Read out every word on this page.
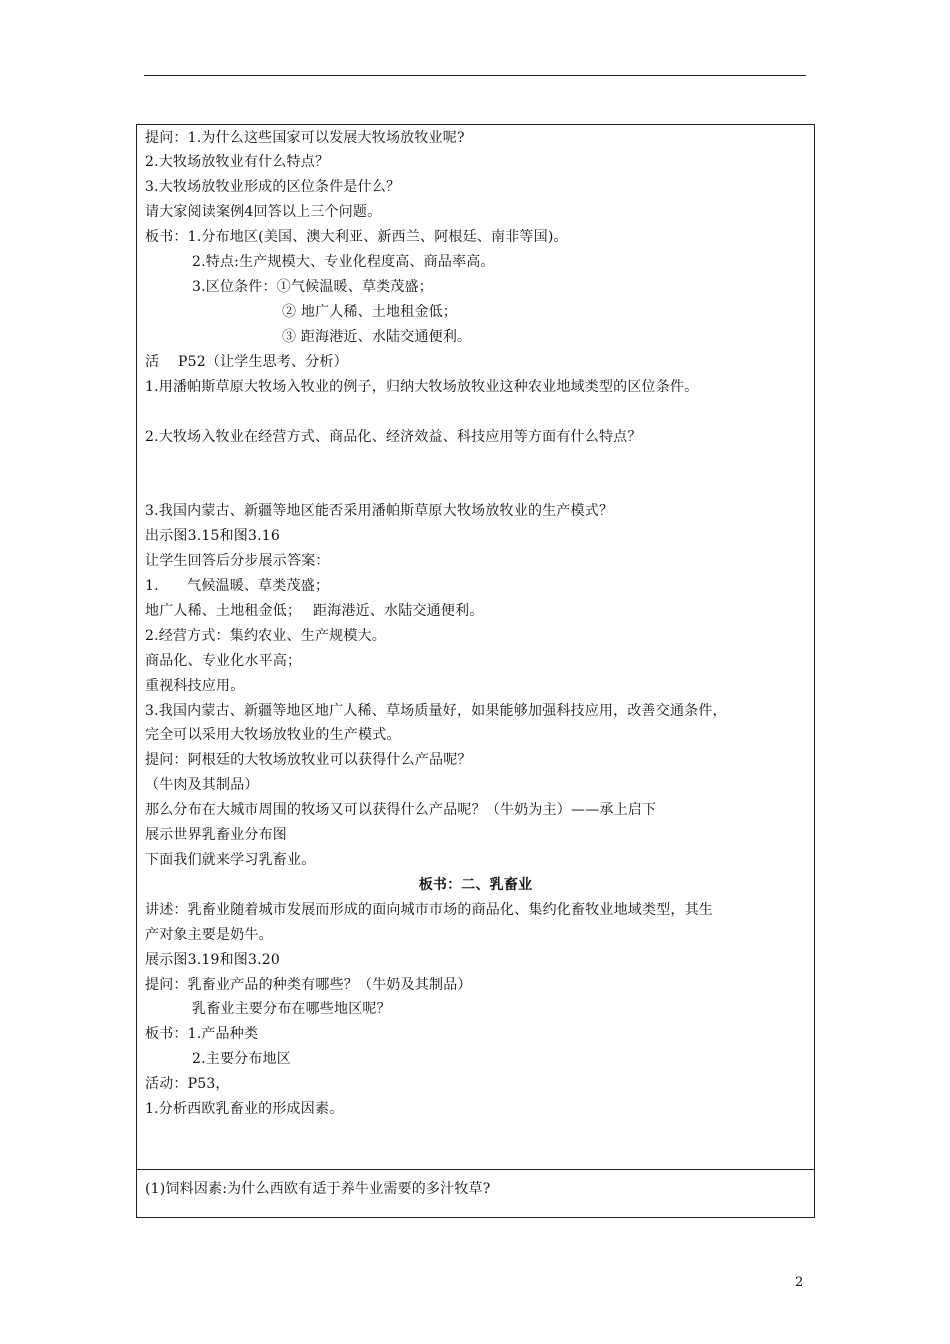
提问：1.为什么这些国家可以发展大牧场放牧业呢?
2.大牧场放牧业有什么特点？
3.大牧场放牧业形成的区位条件是什么？
请大家阅读案例4回答以上三个问题。
板书：1.分布地区(美国、澳大利亚、新西兰、阿根廷、南非等国)。
2.特点:生产规模大、专业化程度高、商品率高。
3.区位条件：①气候温暖、草类茂盛；
② 地广人稀、土地租金低；
③ 距海港近、水陆交通便利。
活　 P52（让学生思考、分析）
1.用潘帕斯草原大牧场入牧业的例子，归纳大牧场放牧业这种农业地域类型的区位条件。
2.大牧场入牧业在经营方式、商品化、经济效益、科技应用等方面有什么特点？
3.我国内蒙古、新疆等地区能否采用潘帕斯草原大牧场放牧业的生产模式？
出示图3.15和图3.16
让学生回答后分步展示答案：
1.　　气候温暖、草类茂盛；
地广人稀、土地租金低；　 距海港近、水陆交通便利。
2.经营方式：集约农业、生产规模大。
商品化、专业化水平高；
重视科技应用。
3.我国内蒙古、新疆等地区地广人稀、草场质量好，如果能够加强科技应用，改善交通条件，
完全可以采用大牧场放牧业的生产模式。
提问：阿根廷的大牧场放牧业可以获得什么产品呢？
（牛肉及其制品）
那么分布在大城市周围的牧场又可以获得什么产品呢？（牛奶为主）——承上启下
展示世界乳畜业分布图
下面我们就来学习乳畜业。
板书：二、乳畜业
讲述：乳畜业随着城市发展而形成的面向城市市场的商品化、集约化畜牧业地域类型，其生
产对象主要是奶牛。
展示图3.19和图3.20
提问：乳畜业产品的种类有哪些？（牛奶及其制品）
乳畜业主要分布在哪些地区呢？
板书：1.产品种类
2.主要分布地区
活动：P53，
1.分析西欧乳畜业的形成因素。
(1)饲料因素:为什么西欧有适于养牛业需要的多汁牧草?
2
